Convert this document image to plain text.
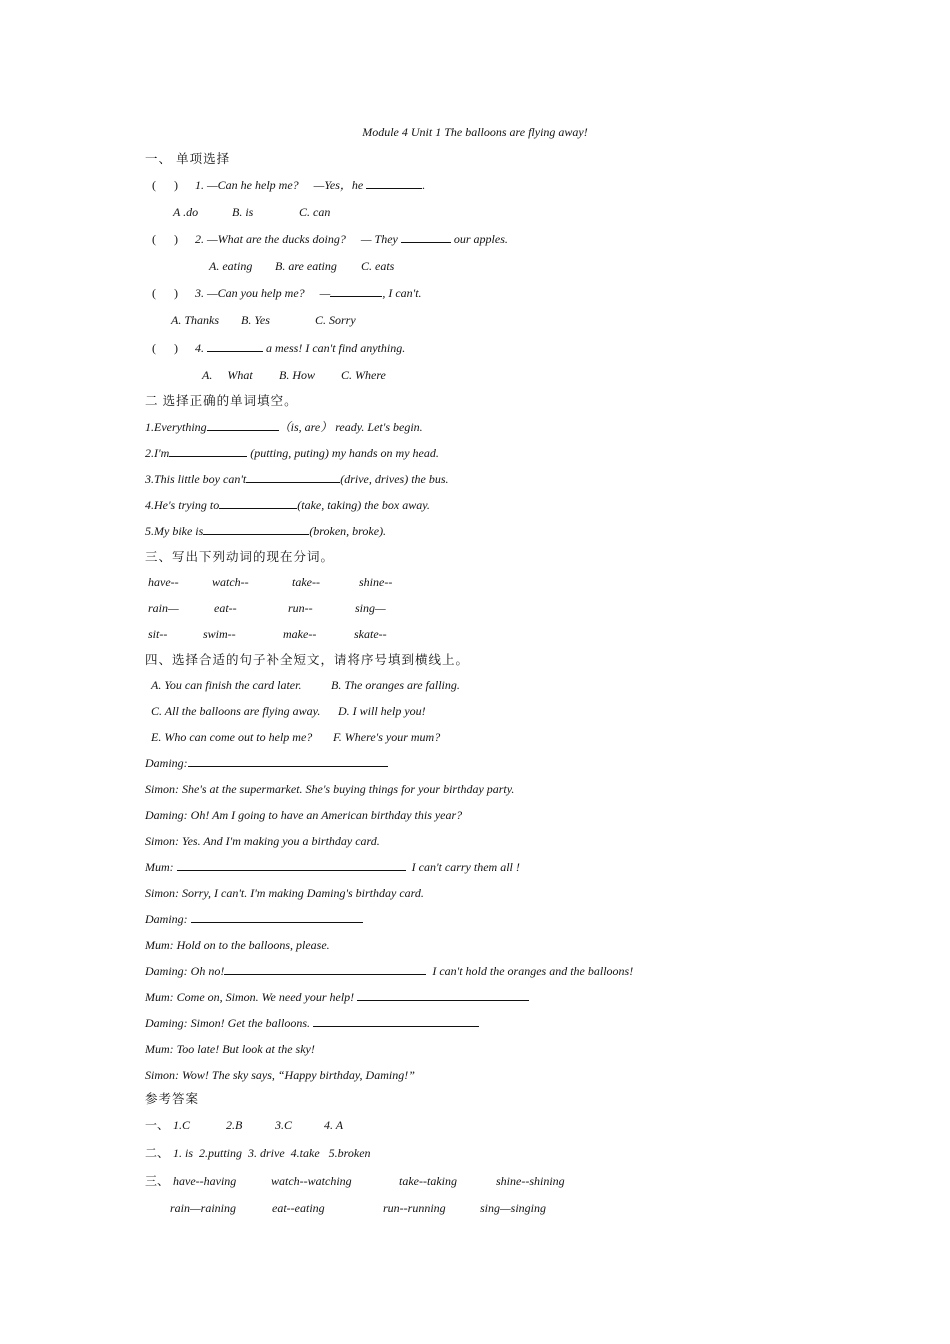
Module 4 Unit 1 The balloons are flying away!
一、 单项选择
(      ) 1. —Can he help me?     —Yes，he	.
A .do	B. is	C. can
(      ) 2. —What are the ducks doing?     — They	our apples.
A. eating B. are eating C. eats
(      ) 3. —Can you help me?     —	, I can't.
A. Thanks B. Yes	C. Sorry
(      ) 4.	a mess! I can't find anything.
A.     What B. How C. Where
二 选择正确的单词填空。
1.Everything	（is, are） ready. Let's begin.
2.I'm	(putting, puting) my hands on my head.
3.This little boy can't	(drive, drives) the bus.
4.He's trying to	(take, taking) the box away.
5.My bike is	(broken, broke).
三、写出下列动词的现在分词。
have--	watch--	take--	shine--
rain—	eat--	run--	sing—
sit--	swim--	make--	skate--
四、选择合适的句子补全短文，请将序号填到横线上。
A. You can finish the card later. B. The oranges are falling.
C. All the balloons are flying away. D. I will help you!
E. Who can come out to help me? F. Where's your mum?
Daming:
Simon: She's at the supermarket. She's buying things for your birthday party.
Daming: Oh! Am I going to have an American birthday this year?
Simon: Yes. And I'm making you a birthday card.
Mum:	I can't carry them all !
Simon: Sorry, I can't. I'm making Daming's birthday card.
Daming:
Mum: Hold on to the balloons, please.
Daming: Oh no!	I can't hold the oranges and the balloons!
Mum: Come on, Simon. We need your help!
Daming: Simon! Get the balloons.
Mum: Too late! But look at the sky!
Simon: Wow! The sky says, “Happy birthday, Daming!”
参考答案
一、 1.C	2.B	3.C	4. A
二、 1. is  2.putting  3. drive  4.take   5.broken
三、 have--having	watch--watching	take--taking	shine--shining
rain—raining	eat--eating	run--running	sing—singing
